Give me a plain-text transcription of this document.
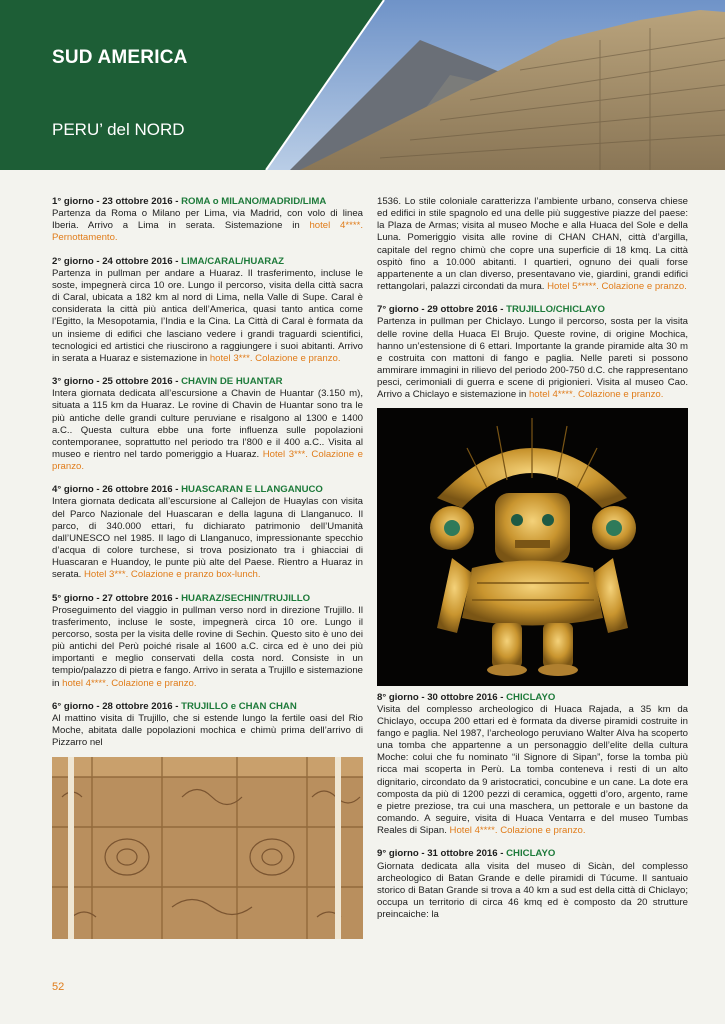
SUD AMERICA
PERU’ del NORD
1° giorno - 23 ottobre 2016 - ROMA o MILANO/MADRID/LIMA
Partenza da Roma o Milano per Lima, via Madrid, con volo di linea Iberia. Arrivo a Lima in serata. Sistemazione in hotel 4****. Pernottamento.
2° giorno - 24 ottobre 2016 - LIMA/CARAL/HUARAZ
Partenza in pullman per andare a Huaraz. Il trasferimento, incluse le soste, impegnerà circa 10 ore. Lungo il percorso, visita della città sacra di Caral, ubicata a 182 km al nord di Lima, nella Valle di Supe. Caral è considerata la città più antica dell’America, quasi tanto antica come l’Egitto, la Mesopotamia, l’India e la Cina. La Città di Caral è formata da un insieme di edifici che lasciano vedere i grandi traguardi scientifici, tecnologici ed artistici che riuscirono a raggiungere i suoi abitanti. Arrivo in serata a Huaraz e sistemazione in hotel 3***. Colazione e pranzo.
3° giorno - 25 ottobre 2016 - CHAVIN DE HUANTAR
Intera giornata dedicata all’escursione a Chavin de Huantar (3.150 m), situata a 115 km da Huaraz. Le rovine di Chavin de Huantar sono tra le più antiche delle grandi culture peruviane e risalgono al 1300 e 1400 a.C.. Questa cultura ebbe una forte influenza sulle popolazioni contemporanee, soprattutto nel periodo tra l’800 e il 400 a.C.. Visita al museo e rientro nel tardo pomeriggio a Huaraz. Hotel 3***. Colazione e pranzo.
4° giorno - 26 ottobre 2016 - HUASCARAN E LLANGANUCO
Intera giornata dedicata all’escursione al Callejon de Huaylas con visita del Parco Nazionale del Huascaran e della laguna di Llanganuco. Il parco, di 340.000 ettari, fu dichiarato patrimonio dell’Umanità dall’UNESCO nel 1985. Il lago di Llanganuco, impressionante specchio d’acqua di colore turchese, si trova posizionato tra i ghiacciai di Huascaran e Huandoy, le punte più alte del Paese. Rientro a Huaraz in serata. Hotel 3***. Colazione e pranzo box-lunch.
5° giorno - 27 ottobre 2016 - HUARAZ/SECHIN/TRUJILLO
Proseguimento del viaggio in pullman verso nord in direzione Trujillo. Il trasferimento, incluse le soste, impegnerà circa 10 ore. Lungo il percorso, sosta per la visita delle rovine di Sechin. Questo sito è uno dei più antichi del Perù poiché risale al 1600 a.C. circa ed è uno dei più importanti e meglio conservati della costa nord. Consiste in un tempio/palazzo di pietra e fango. Arrivo in serata a Trujillo e sistemazione in hotel 4****. Colazione e pranzo.
6° giorno - 28 ottobre 2016 - TRUJILLO e CHAN CHAN
Al mattino visita di Trujillo, che si estende lungo la fertile oasi del Rio Moche, abitata dalle popolazioni mochica e chimù prima dell’arrivo di Pizzarro nel
1536. Lo stile coloniale caratterizza l’ambiente urbano, conserva chiese ed edifici in stile spagnolo ed una delle più suggestive piazze del paese: la Plaza de Armas; visita al museo Moche e alla Huaca del Sole e della Luna. Pomeriggio visita alle rovine di CHAN CHAN, città d’argilla, capitale del regno chimù che copre una superficie di 18 kmq. La città ospitò fino a 10.000 abitanti. I quartieri, ognuno dei quali forse appartenente a un clan diverso, presentavano vie, giardini, grandi edifici rettangolari, palazzi circondati da mura. Hotel 5*****. Colazione e pranzo.
7° giorno - 29 ottobre 2016 - TRUJILLO/CHICLAYO
Partenza in pullman per Chiclayo. Lungo il percorso, sosta per la visita delle rovine della Huaca El Brujo. Queste rovine, di origine Mochica, hanno un’estensione di 6 ettari. Importante la grande piramide alta 30 m e costruita con mattoni di fango e paglia. Nelle pareti si possono ammirare immagini in rilievo del periodo 200-750 d.C. che rappresentano pesci, cerimoniali di guerra e scene di prigionieri. Visita al museo Cao. Arrivo a Chiclayo e sistemazione in hotel 4****. Colazione e pranzo.
8° giorno - 30 ottobre 2016 - CHICLAYO
Visita del complesso archeologico di Huaca Rajada, a 35 km da Chiclayo, occupa 200 ettari ed è formata da diverse piramidi costruite in fango e paglia. Nel 1987, l’archeologo peruviano Walter Alva ha scoperto una tomba che appartenne a un personaggio dell’elite della cultura Moche: colui che fu nominato “il Signore di Sipan”, forse la tomba più ricca mai scoperta in Perù. La tomba conteneva i resti di un alto dignitario, circondato da 9 aristocratici, concubine e un cane. La dote era composta da più di 1200 pezzi di ceramica, oggetti d’oro, argento, rame e pietre preziose, tra cui una maschera, un pettorale e un bastone da comando. A seguire, visita di Huaca Ventarra e del museo Tumbas Reales di Sipan. Hotel 4****. Colazione e pranzo.
9° giorno - 31 ottobre 2016 - CHICLAYO
Giornata dedicata alla visita del museo di Sicàn, del complesso archeologico di Batan Grande e delle piramidi di Túcume. Il santuaio storico di Batan Grande si trova a 40 km a sud est della città di Chiclayo; occupa un territorio di circa 46 kmq ed è composto da 20 strutture preincaiche: la
52
